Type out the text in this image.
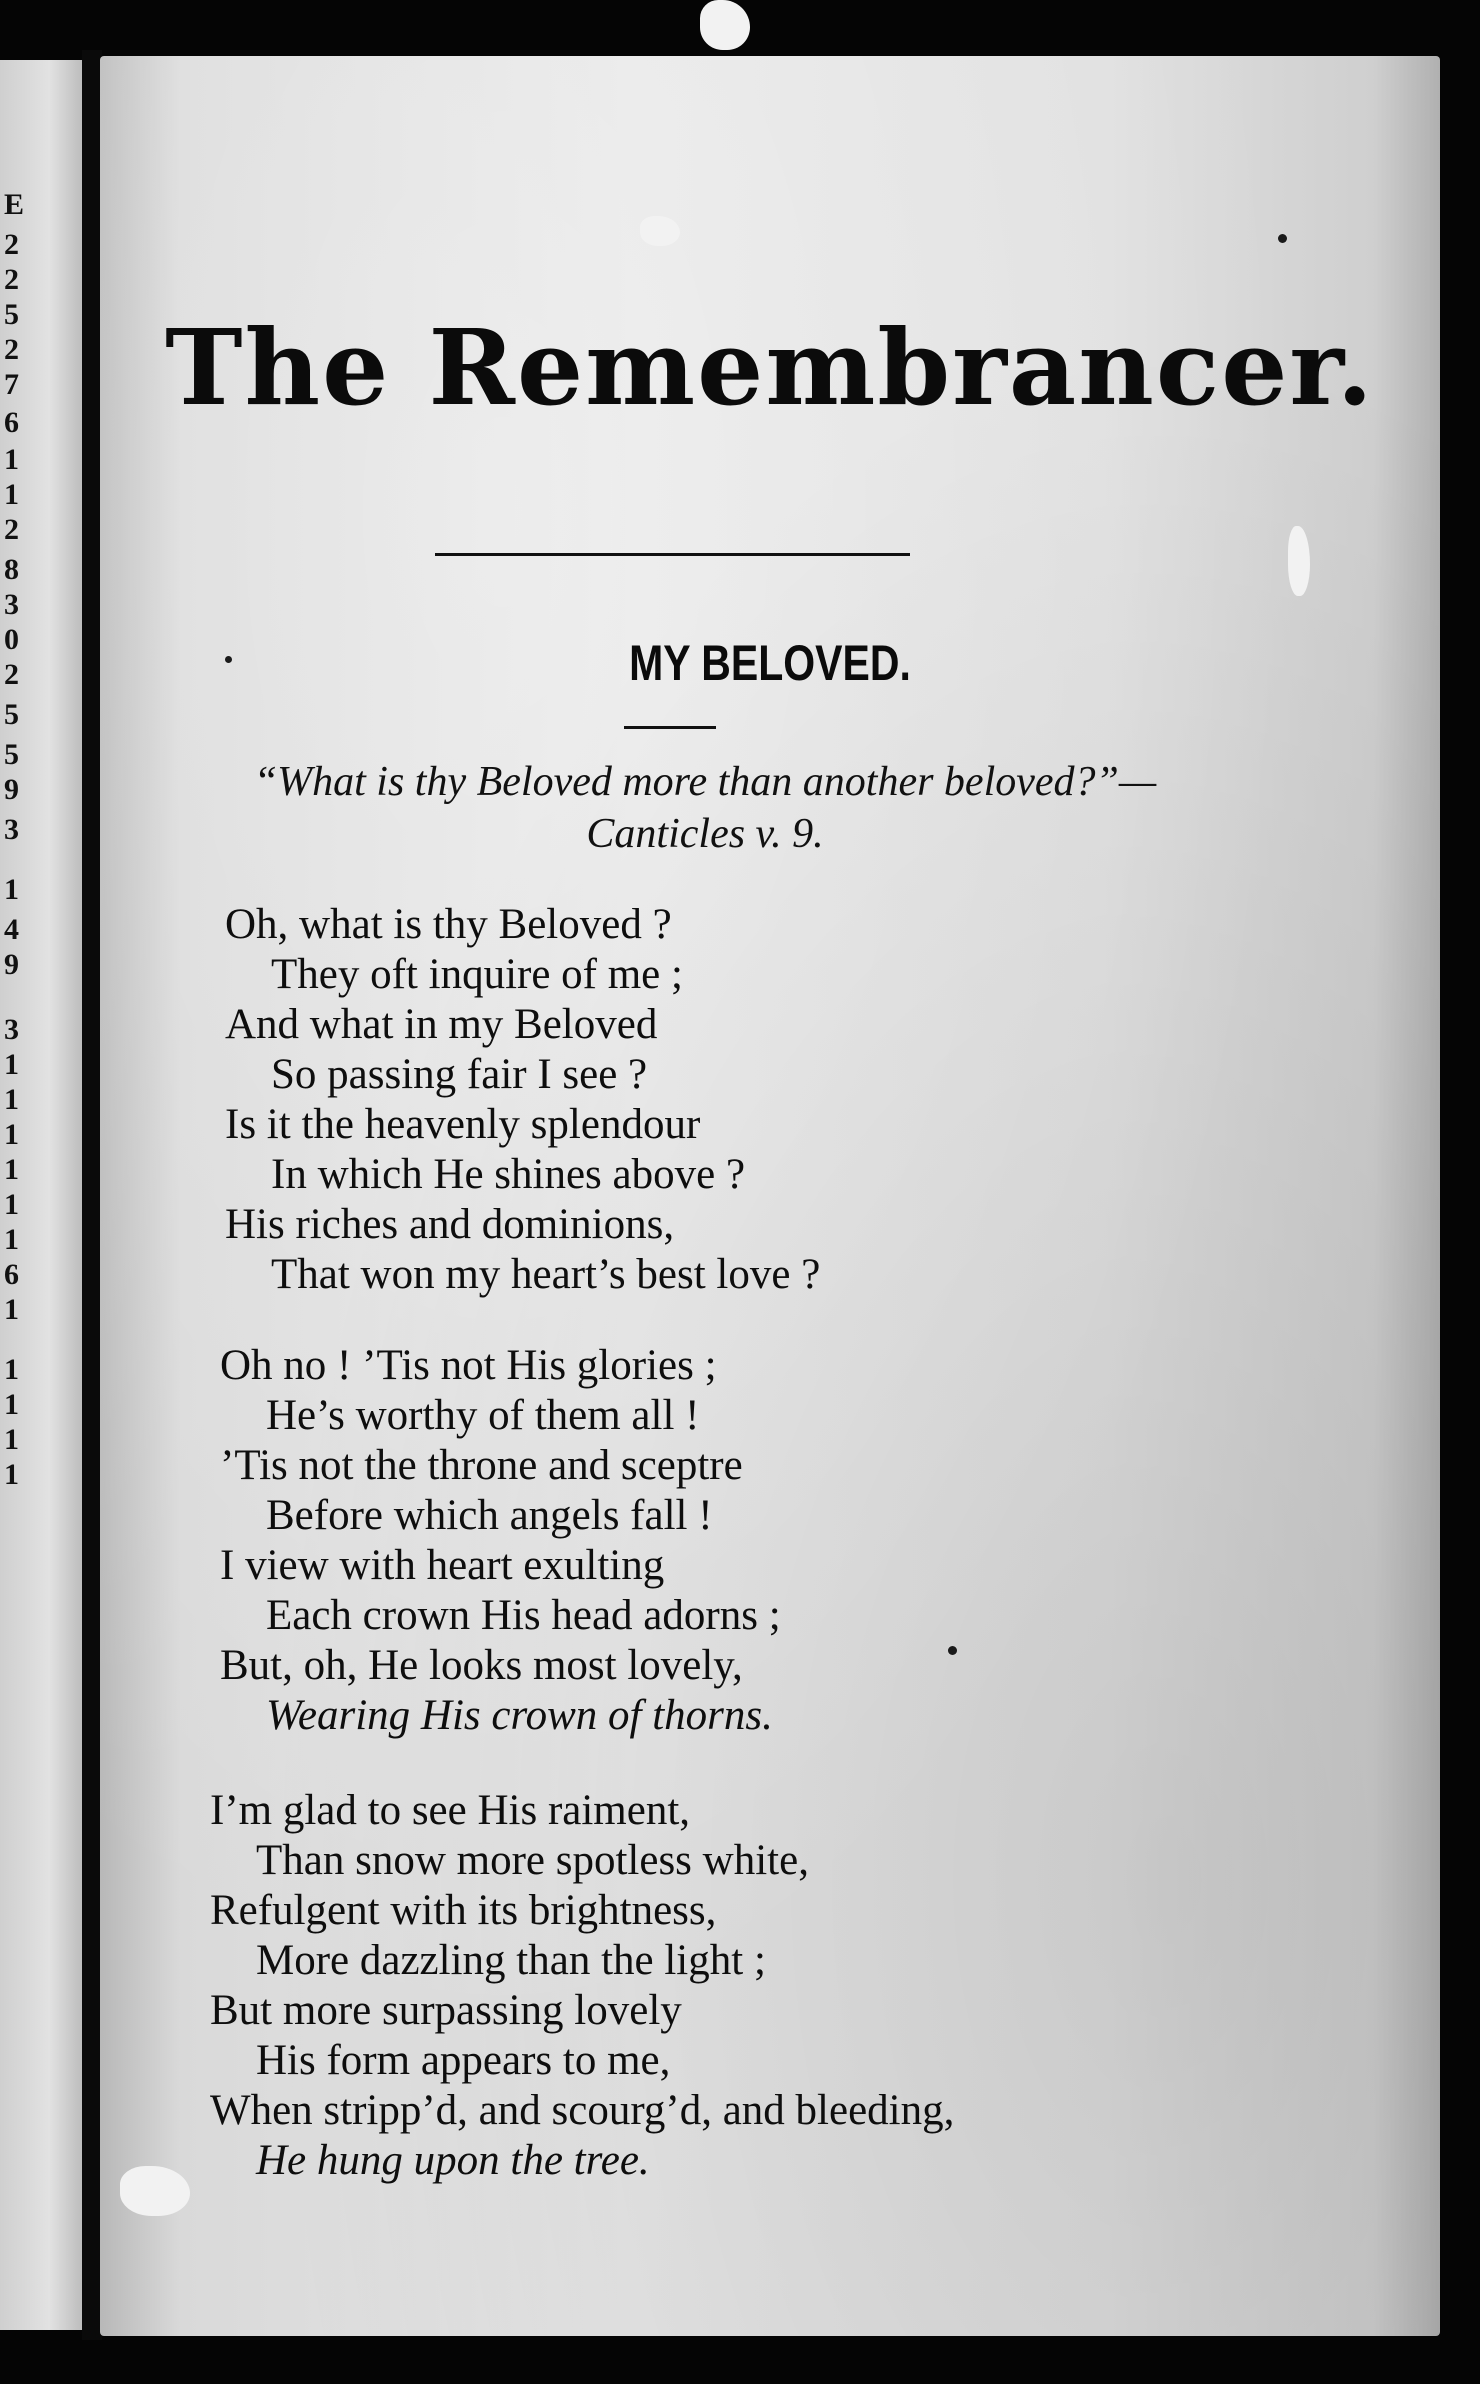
E
2
2
5
2
7
6
1
1
2
8
3
0
2
5
5
9
3
1
4
9
3
1
1
1
1
1
1
6
1
1
1
1
1
The Remembrancer.
MY BELOVED.
“What is thy Beloved more than another beloved?”—
Canticles v. 9.
Oh, what is thy Beloved ?
They oft inquire of me ;
And what in my Beloved
So passing fair I see ?
Is it the heavenly splendour
In which He shines above ?
His riches and dominions,
That won my heart’s best love ?
Oh no ! ’Tis not His glories ;
He’s worthy of them all !
’Tis not the throne and sceptre
Before which angels fall !
I view with heart exulting
Each crown His head adorns ;
But, oh, He looks most lovely,
Wearing His crown of thorns.
I’m glad to see His raiment,
Than snow more spotless white,
Refulgent with its brightness,
More dazzling than the light ;
But more surpassing lovely
His form appears to me,
When stripp’d, and scourg’d, and bleeding,
He hung upon the tree.
